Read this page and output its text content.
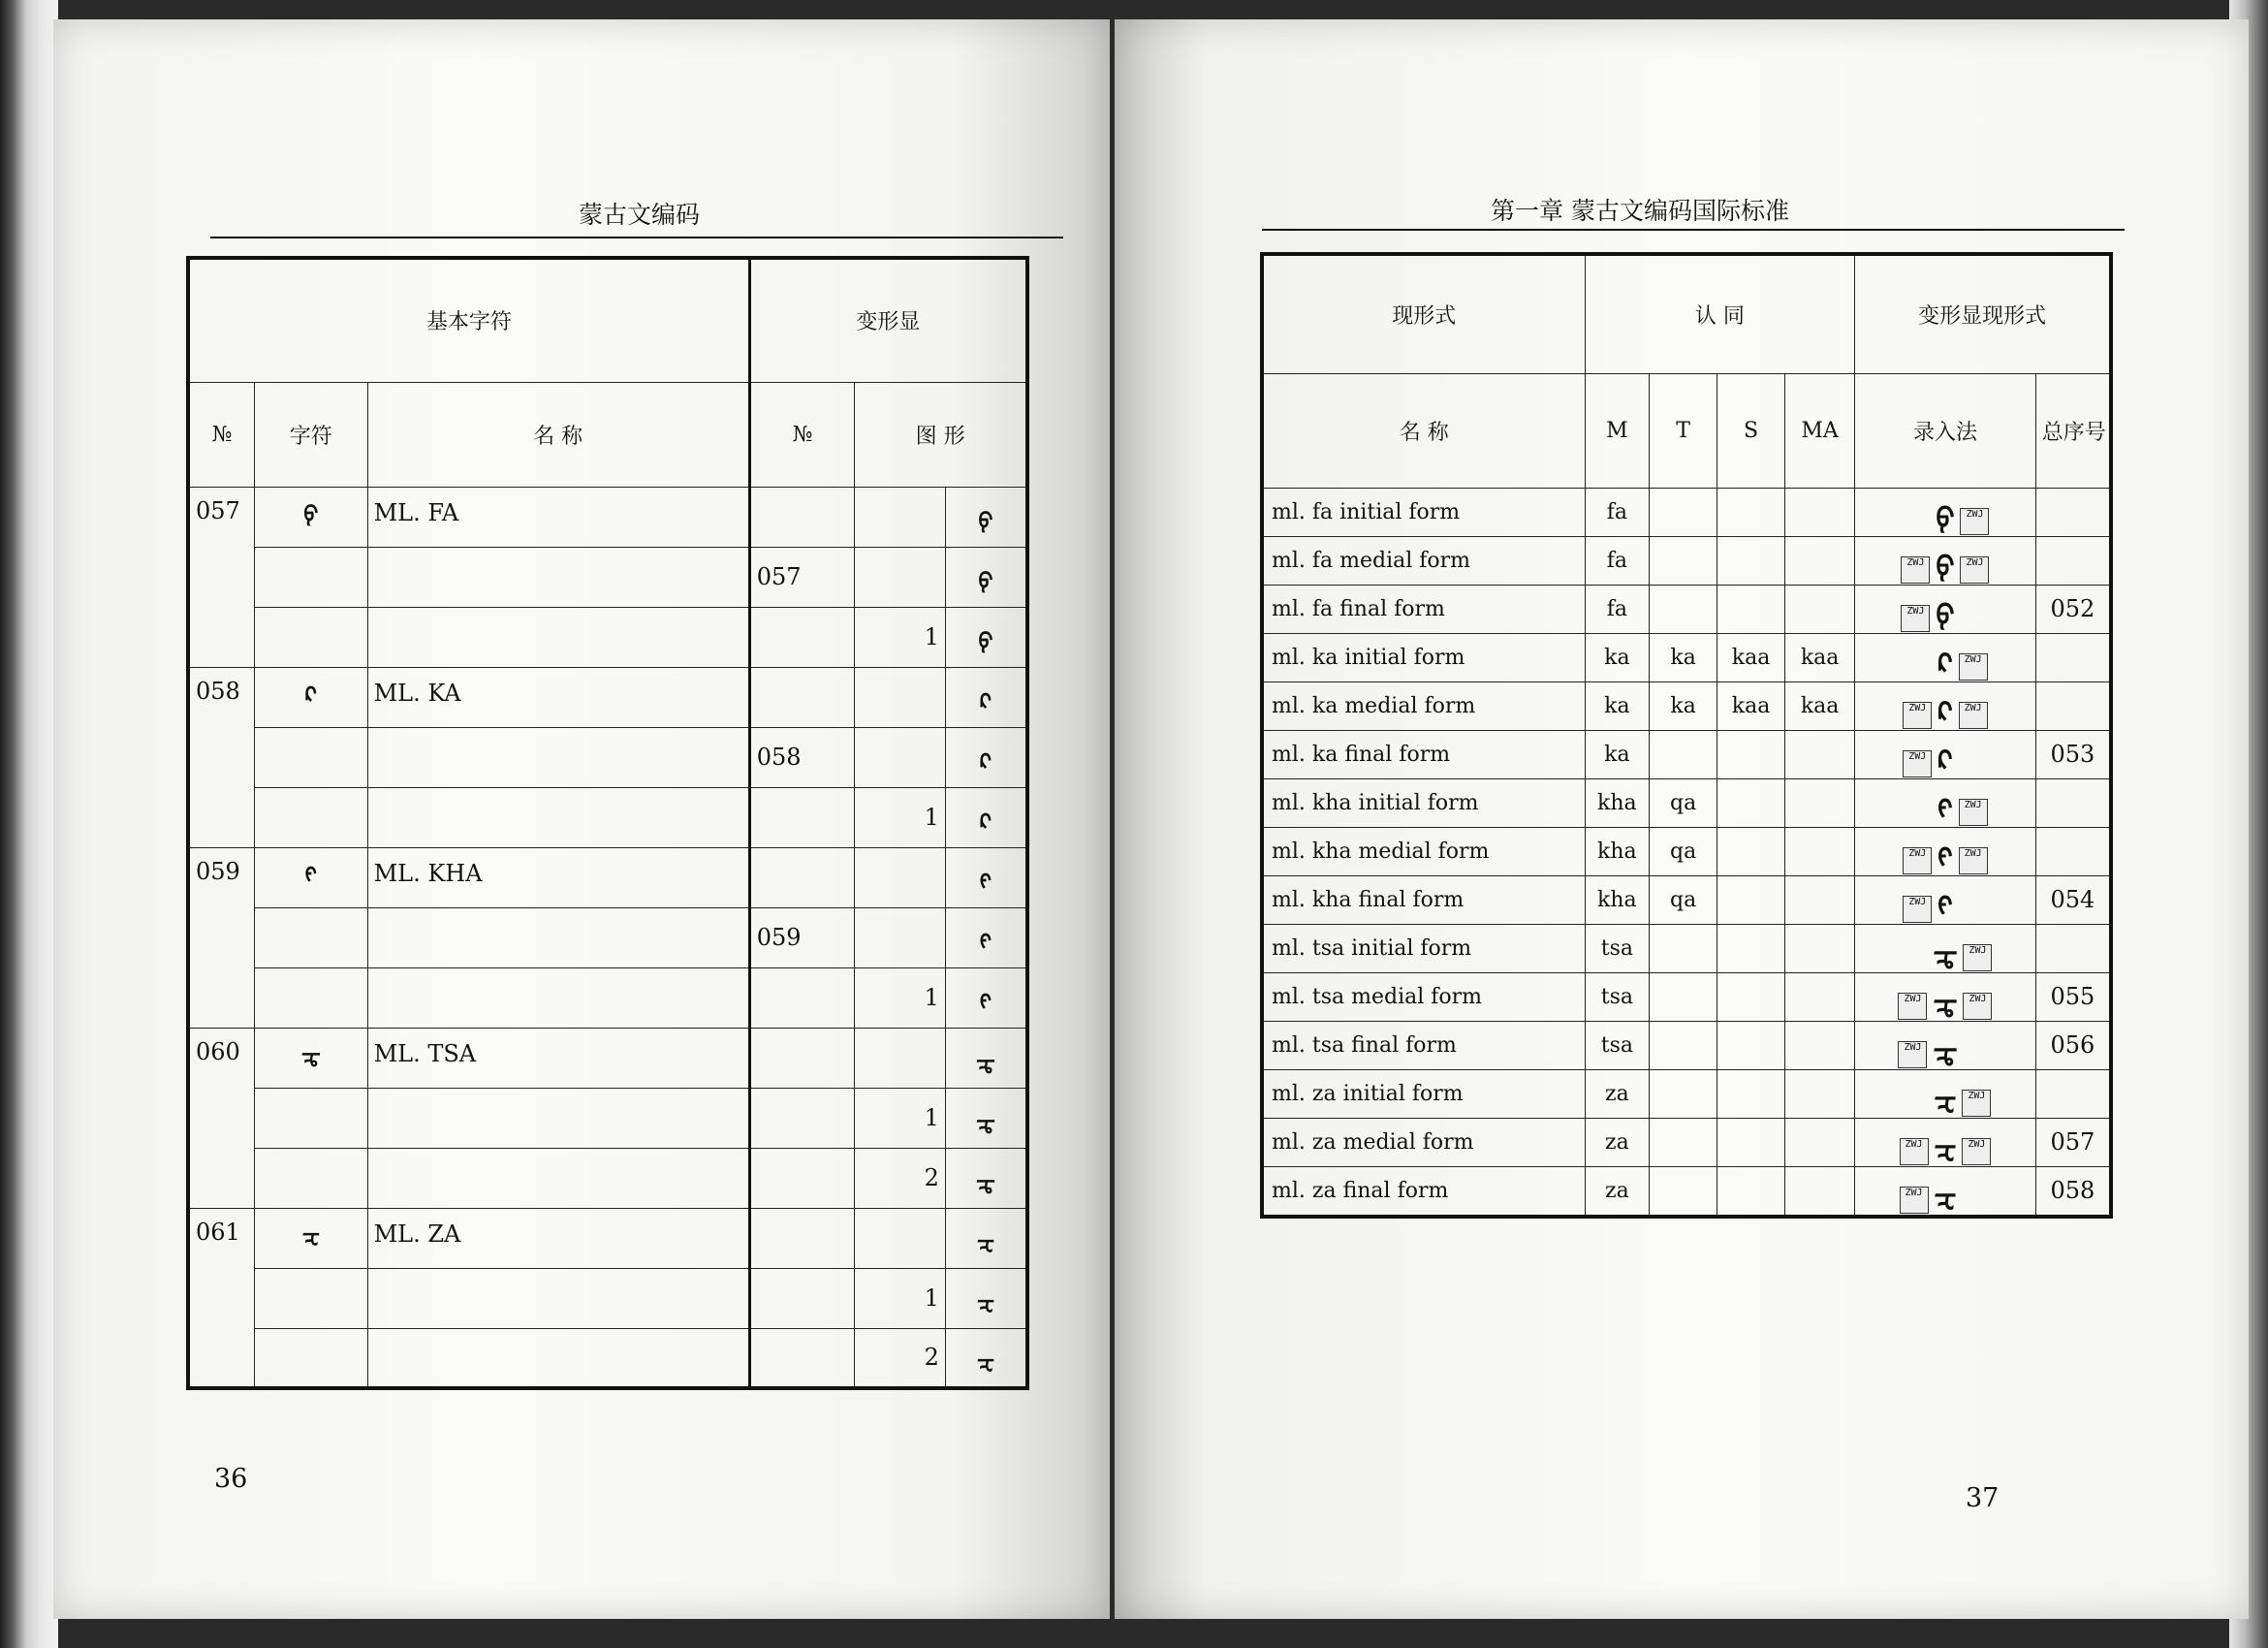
蒙古文编码
基本字符			变形显		
№	字符	名 称	№	图 形	
057	ᠹ	ML. FA			ᠹ
			057		ᠹ
				1	ᠹ
058	ᠺ	ML. KA			ᠺ
			058		ᠺ
				1	ᠺ
059	ᠻ	ML. KHA			ᠻ
			059		ᠻ
				1	ᠻ
060	ᠼ	ML. TSA			ᠼ
				1	ᠼ
				2	ᠼ
061	ᠽ	ML. ZA			ᠽ
				1	ᠽ
				2	ᠽ
36
第一章 蒙古文编码国际标准
现形式	认 同				变形显现形式	
名 称	M	T	S	MA	录入法	总序号
ml. fa initial form	fa				ᠹ ZWJ	
ml. fa medial form	fa				ZWJ ᠹ ZWJ	
ml. fa final form	fa				ZWJ ᠹ	052
ml. ka initial form	ka	ka	kaa	kaa	ᠺ ZWJ	
ml. ka medial form	ka	ka	kaa	kaa	ZWJ ᠺ ZWJ	
ml. ka final form	ka				ZWJ ᠺ	053
ml. kha initial form	kha	qa			ᠻ ZWJ	
ml. kha medial form	kha	qa			ZWJ ᠻ ZWJ	
ml. kha final form	kha	qa			ZWJ ᠻ	054
ml. tsa initial form	tsa				ᠼ ZWJ	
ml. tsa medial form	tsa				ZWJ ᠼ ZWJ	055
ml. tsa final form	tsa				ZWJ ᠼ	056
ml. za initial form	za				ᠽ ZWJ	
ml. za medial form	za				ZWJ ᠽ ZWJ	057
ml. za final form	za				ZWJ ᠽ	058
37
